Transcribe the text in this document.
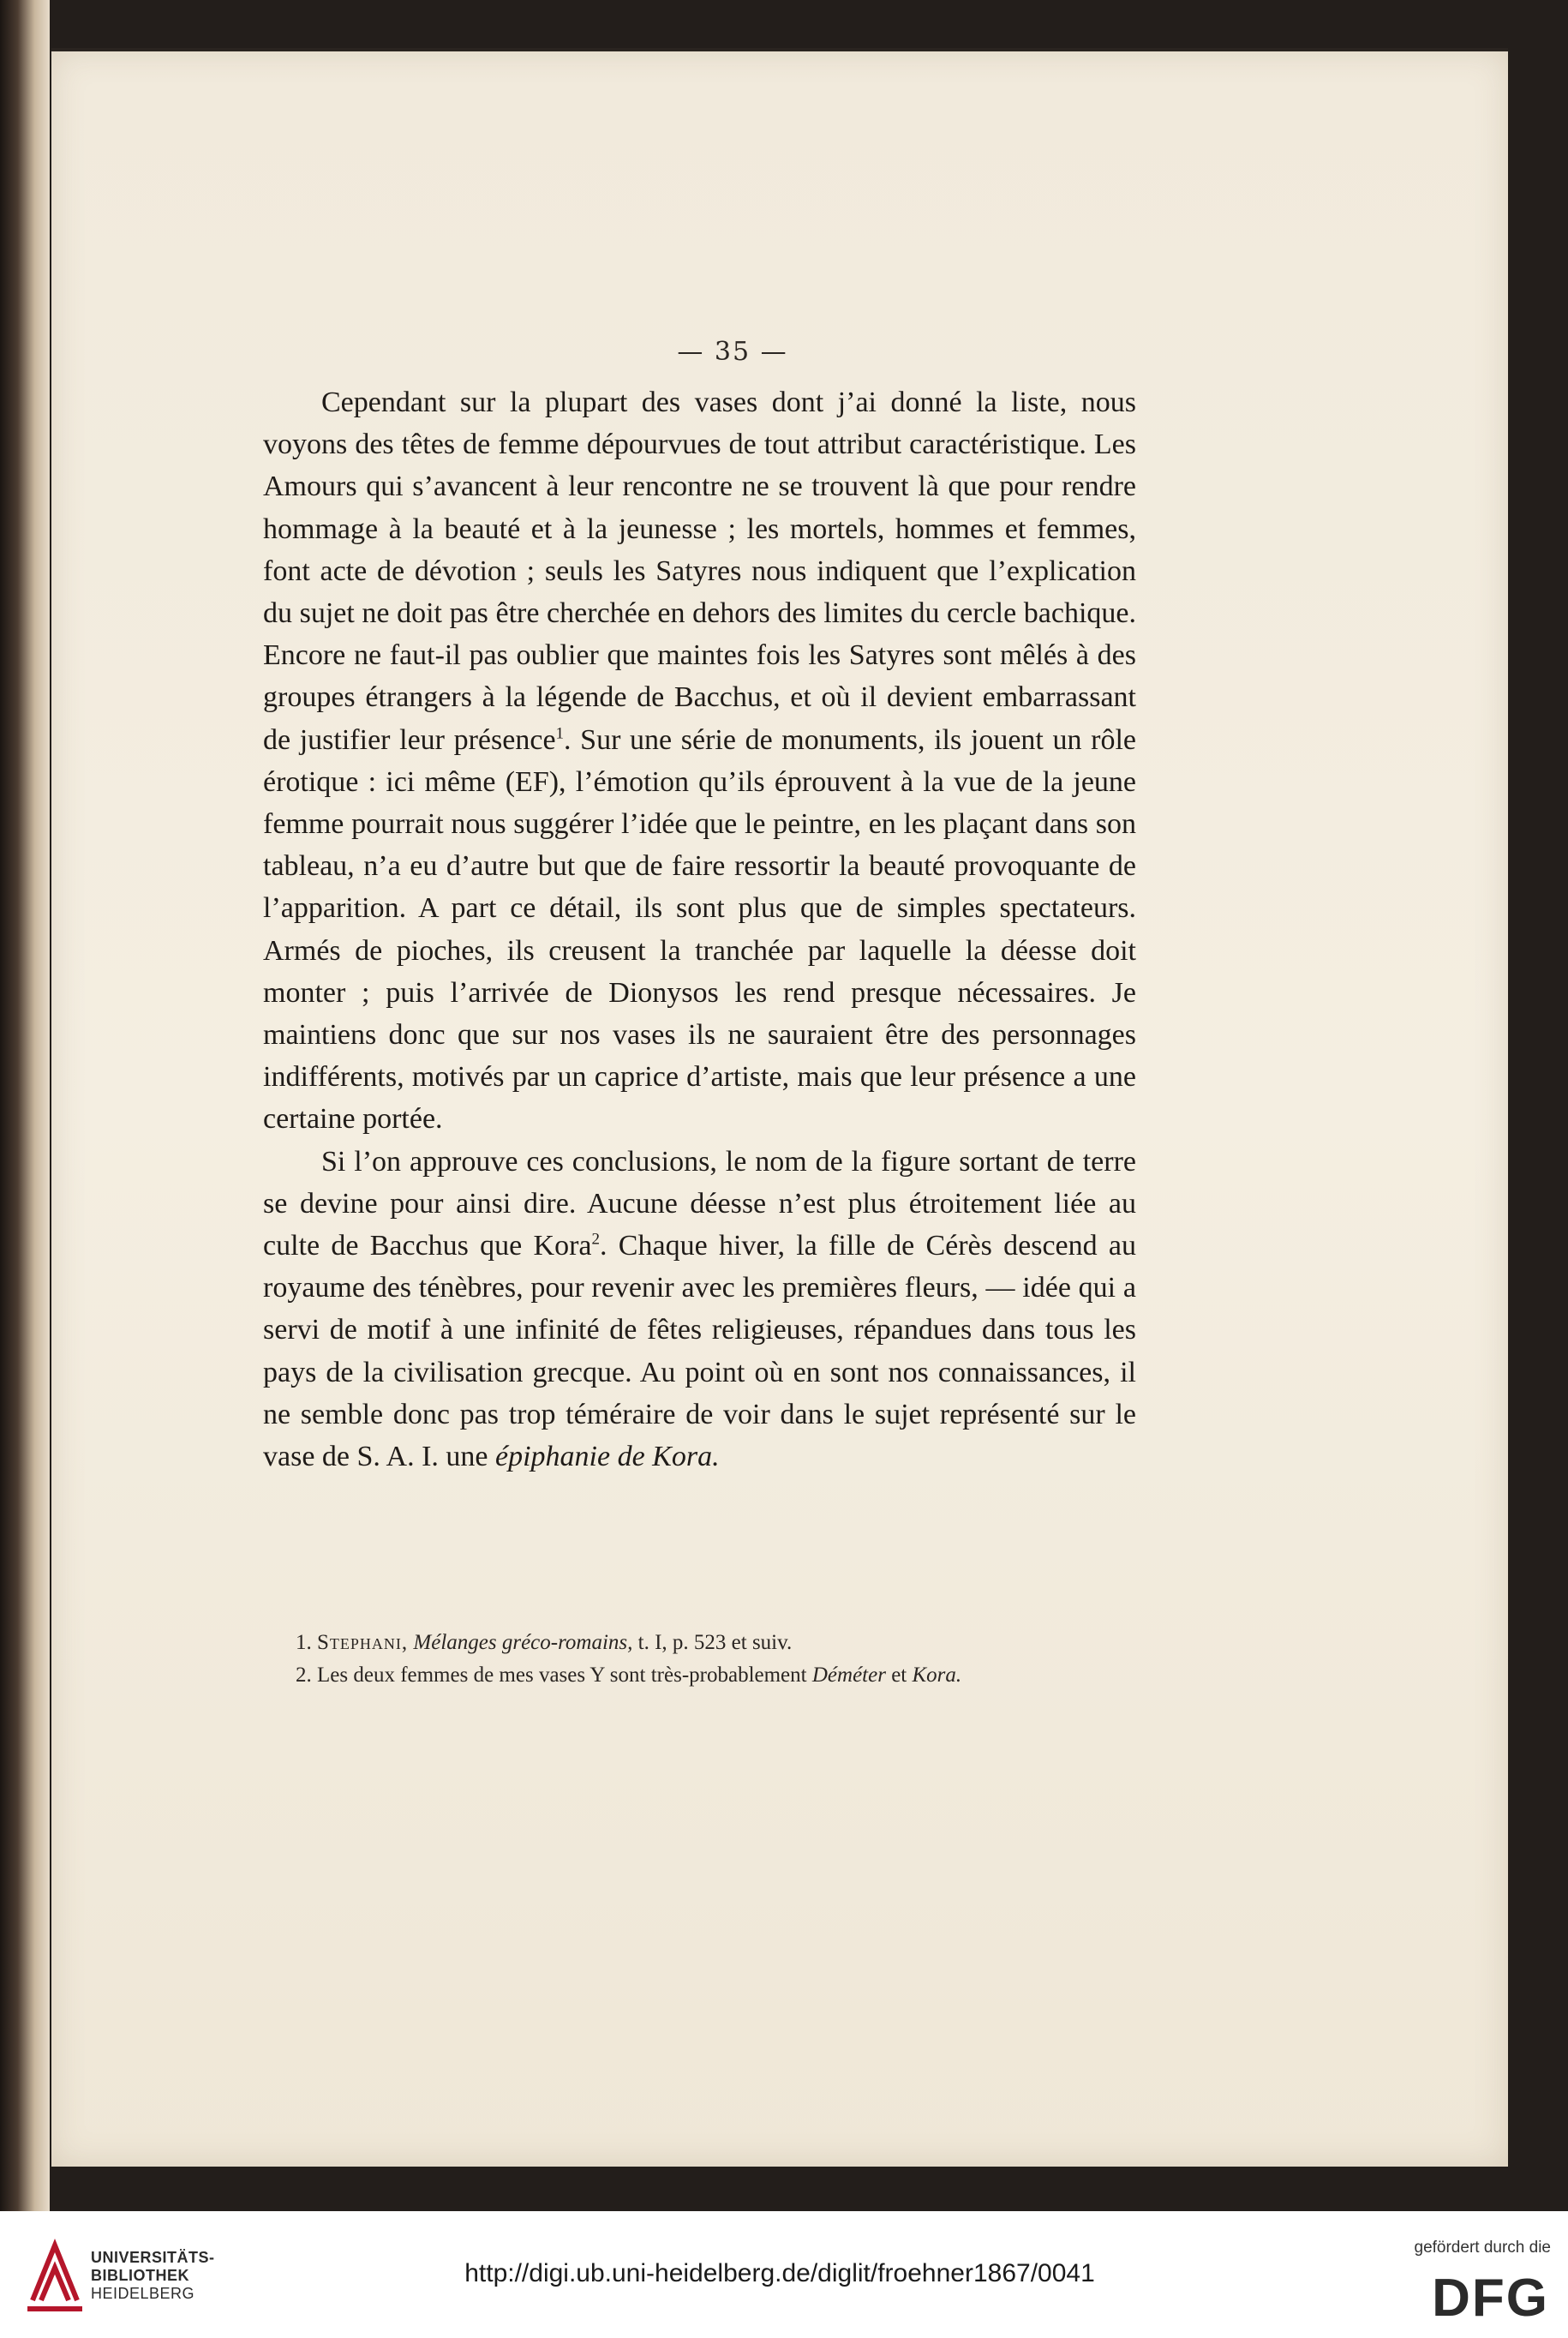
— 35 —

Cependant sur la plupart des vases dont j’ai donné la liste, nous voyons des têtes de femme dépourvues de tout attribut caractéristique. Les Amours qui s’avancent à leur rencontre ne se trouvent là que pour rendre hommage à la beauté et à la jeunesse ; les mortels, hommes et femmes, font acte de dévotion ; seuls les Satyres nous indiquent que l’explication du sujet ne doit pas être cherchée en dehors des limites du cercle bachique. Encore ne faut-il pas oublier que maintes fois les Satyres sont mêlés à des groupes étrangers à la légende de Bacchus, et où il devient embarrassant de justifier leur présence$^1$. Sur une série de monuments, ils jouent un rôle érotique : ici même (EF), l’émotion qu’ils éprouvent à la vue de la jeune femme pourrait nous suggérer l’idée que le peintre, en les plaçant dans son tableau, n’a eu d’autre but que de faire ressortir la beauté provoquante de l’apparition. A part ce détail, ils sont plus que de simples spectateurs. Armés de pioches, ils creusent la tranchée par laquelle la déesse doit monter ; puis l’arrivée de Dionysos les rend presque nécessaires. Je maintiens donc que sur nos vases ils ne sauraient être des personnages indifférents, motivés par un caprice d’artiste, mais que leur présence a une certaine portée.

Si l’on approuve ces conclusions, le nom de la figure sortant de terre se devine pour ainsi dire. Aucune déesse n’est plus étroitement liée au culte de Bacchus que Kora$^2$. Chaque hiver, la fille de Cérès descend au royaume des ténèbres, pour revenir avec les premières fleurs, — idée qui a servi de motif à une infinité de fêtes religieuses, répandues dans tous les pays de la civilisation grecque. Au point où en sont nos connaissances, il ne semble donc pas trop téméraire de voir dans le sujet représenté sur le vase de S. A. I. une épiphanie de Kora.

1. Stephani, Mélanges gréco-romains, t. I, p. 523 et suiv.

2. Les deux femmes de mes vases Y sont très-probablement Déméter et Kora.

UNIVERSITÄTS-
BIBLIOTHEK
HEIDELBERG
http://digi.ub.uni-heidelberg.de/diglit/froehner1867/0041
gefördert durch die
DFG
